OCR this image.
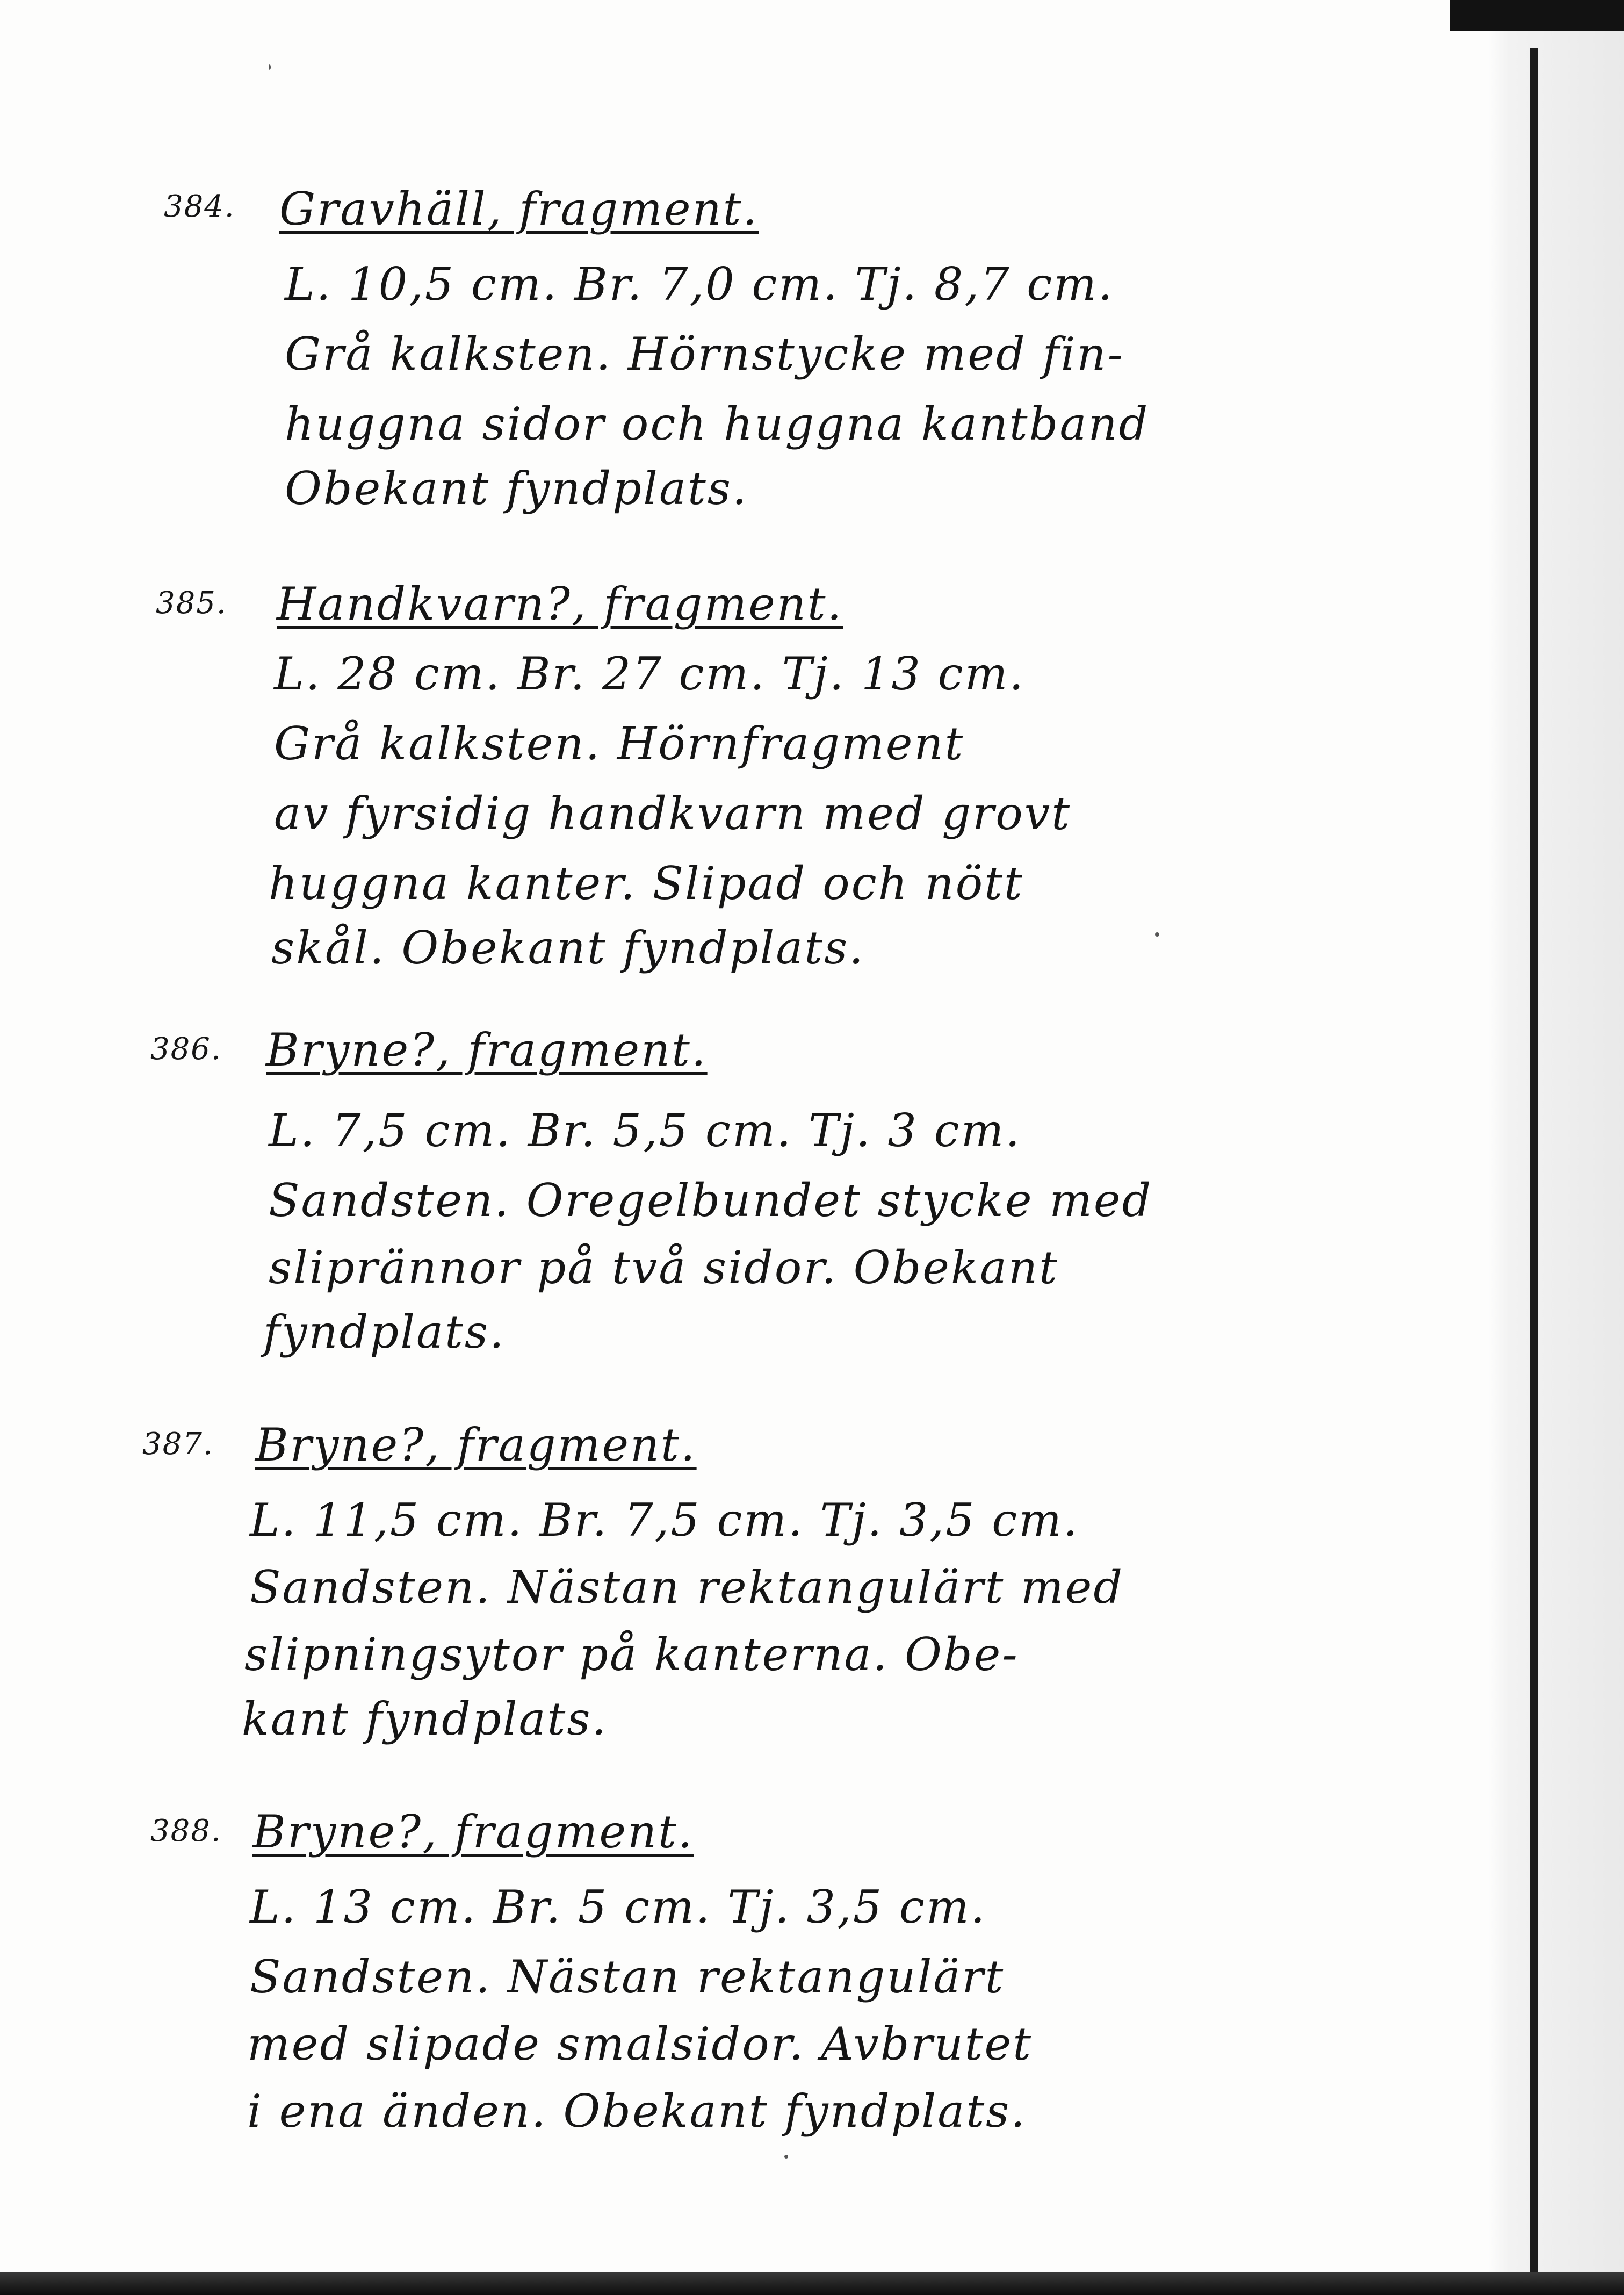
384. Gravhäll, fragment.
L. 10,5 cm. Br. 7,0 cm. Tj. 8,7 cm.
Grå kalksten. Hörnstycke med fin-
huggna sidor och huggna kantband
Obekant fyndplats.
385. Handkvarn?, fragment.
L. 28 cm. Br. 27 cm. Tj. 13 cm.
Grå kalksten. Hörnfragment
av fyrsidig handkvarn med grovt
huggna kanter. Slipad och nött
skål. Obekant fyndplats.
386. Bryne?, fragment.
L. 7,5 cm. Br. 5,5 cm. Tj. 3 cm.
Sandsten. Oregelbundet stycke med
sliprännor på två sidor. Obekant
fyndplats.
387. Bryne?, fragment.
L. 11,5 cm. Br. 7,5 cm. Tj. 3,5 cm.
Sandsten. Nästan rektangulärt med
slipningsytor på kanterna. Obe-
kant fyndplats.
388. Bryne?, fragment.
L. 13 cm. Br. 5 cm. Tj. 3,5 cm.
Sandsten. Nästan rektangulärt
med slipade smalsidor. Avbrutet
i ena änden. Obekant fyndplats.
